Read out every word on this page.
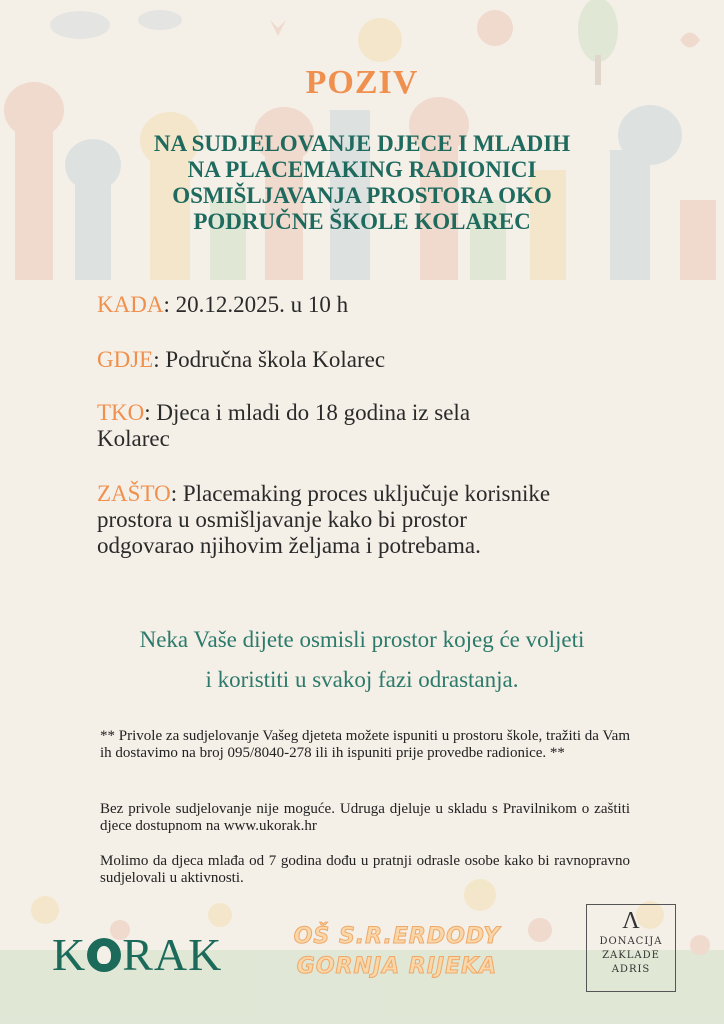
POZIV
NA SUDJELOVANJE DJECE I MLADIH
NA PLACEMAKING RADIONICI
OSMIŠLJAVANJA PROSTORA OKO
PODRUČNE ŠKOLE KOLAREC
KADA: 20.12.2025. u 10 h
GDJE: Područna škola Kolarec
TKO: Djeca i mladi do 18 godina iz sela Kolarec
ZAŠTO: Placemaking proces uključuje korisnike prostora u osmišljavanje kako bi prostor odgovarao njihovim željama i potrebama.
Neka Vaše dijete osmisli prostor kojeg će voljeti
i koristiti u svakoj fazi odrastanja.
** Privole za sudjelovanje Vašeg djeteta možete ispuniti u prostoru škole, tražiti da Vam ih dostavimo na broj 095/8040-278 ili ih ispuniti prije provedbe radionice. **
Bez privole sudjelovanje nije moguće. Udruga djeluje u skladu s Pravilnikom o zaštiti djece dostupnom na www.ukorak.hr
Molimo da djeca mlađa od 7 godina dođu u pratnji odrasle osobe kako bi ravnopravno sudjelovali u aktivnosti.
K RAK	OŠ S.R.ERDODY
GORNJA RIJEKA
Λ
DONACIJA
ZAKLADE
ADRIS
